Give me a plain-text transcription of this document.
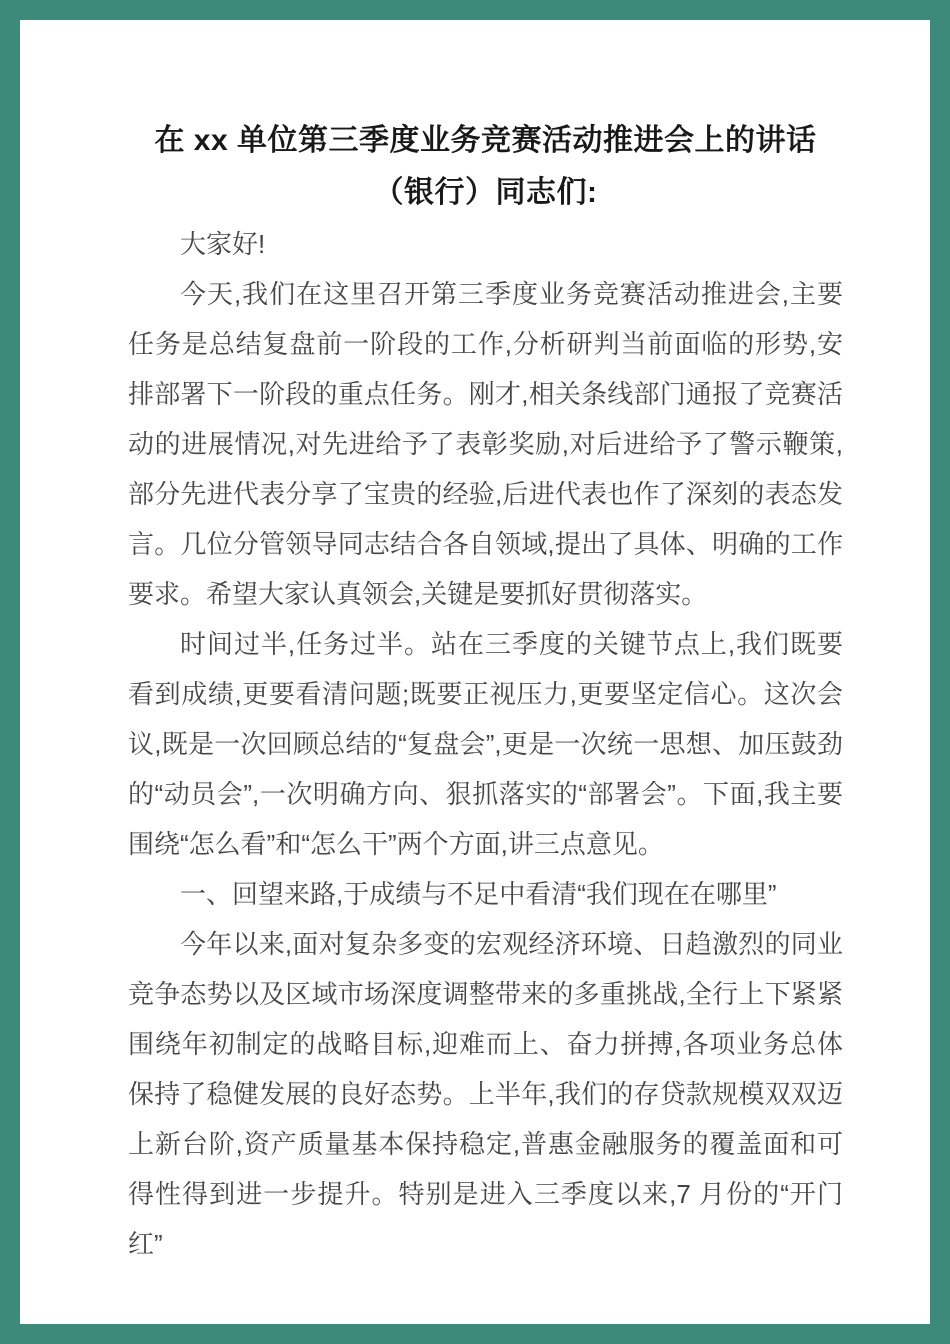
在 xx 单位第三季度业务竞赛活动推进会上的讲话
（银行）同志们:

大家好!

今天,我们在这里召开第三季度业务竞赛活动推进会,主要任务是总结复盘前一阶段的工作,分析研判当前面临的形势,安排部署下一阶段的重点任务。刚才,相关条线部门通报了竞赛活动的进展情况,对先进给予了表彰奖励,对后进给予了警示鞭策,部分先进代表分享了宝贵的经验,后进代表也作了深刻的表态发言。几位分管领导同志结合各自领域,提出了具体、明确的工作要求。希望大家认真领会,关键是要抓好贯彻落实。

时间过半,任务过半。站在三季度的关键节点上,我们既要看到成绩,更要看清问题;既要正视压力,更要坚定信心。这次会议,既是一次回顾总结的“复盘会”,更是一次统一思想、加压鼓劲的“动员会”,一次明确方向、狠抓落实的“部署会”。下面,我主要围绕“怎么看”和“怎么干”两个方面,讲三点意见。

一、回望来路,于成绩与不足中看清“我们现在在哪里”

今年以来,面对复杂多变的宏观经济环境、日趋激烈的同业竞争态势以及区域市场深度调整带来的多重挑战,全行上下紧紧围绕年初制定的战略目标,迎难而上、奋力拼搏,各项业务总体保持了稳健发展的良好态势。上半年,我们的存贷款规模双双迈上新台阶,资产质量基本保持稳定,普惠金融服务的覆盖面和可得性得到进一步提升。特别是进入三季度以来,7 月份的“开门红”
